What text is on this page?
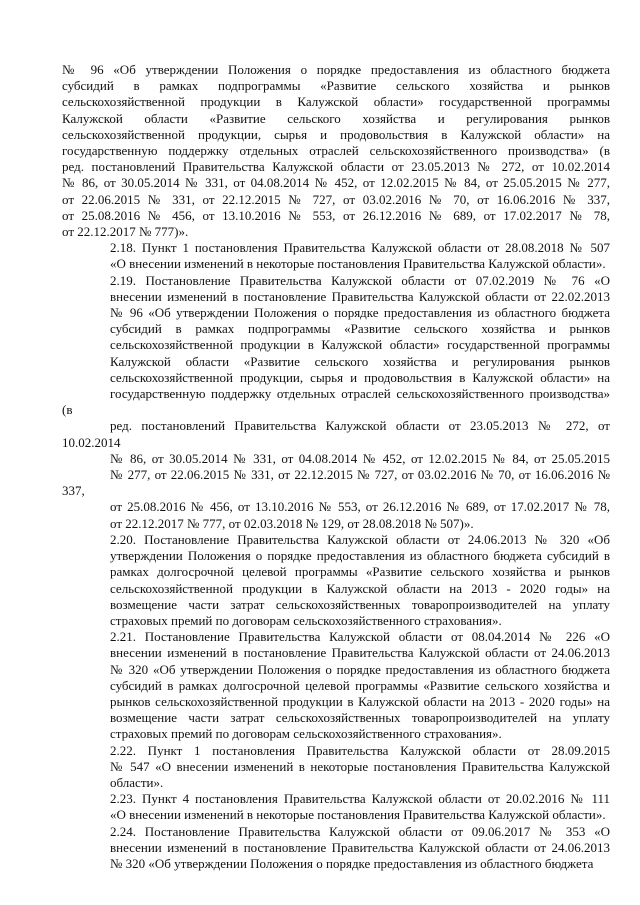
№ 96 «Об утверждении Положения о порядке предоставления из областного бюджета
субсидий в рамках подпрограммы «Развитие сельского хозяйства и рынков
сельскохозяйственной продукции в Калужской области» государственной программы
Калужской области «Развитие сельского хозяйства и регулирования рынков
сельскохозяйственной продукции, сырья и продовольствия в Калужской области» на
государственную поддержку отдельных отраслей сельскохозяйственного производства» (в
ред. постановлений Правительства Калужской области от 23.05.2013 № 272, от 10.02.2014
№ 86, от 30.05.2014 № 331, от 04.08.2014 № 452, от 12.02.2015 № 84, от 25.05.2015 № 277,
от 22.06.2015 № 331, от 22.12.2015 № 727, от 03.02.2016 № 70, от 16.06.2016 № 337,
от 25.08.2016 № 456, от 13.10.2016 № 553, от 26.12.2016 № 689, от 17.02.2017 № 78,
от 22.12.2017 № 777)».
2.18. Пункт 1 постановления Правительства Калужской области от 28.08.2018 № 507
«О внесении изменений в некоторые постановления Правительства Калужской области».
2.19. Постановление Правительства Калужской области от 07.02.2019 № 76 «О
внесении изменений в постановление Правительства Калужской области от 22.02.2013
№ 96 «Об утверждении Положения о порядке предоставления из областного бюджета
субсидий в рамках подпрограммы «Развитие сельского хозяйства и рынков
сельскохозяйственной продукции в Калужской области» государственной программы
Калужской области «Развитие сельского хозяйства и регулирования рынков
сельскохозяйственной продукции, сырья и продовольствия в Калужской области» на
государственную поддержку отдельных отраслей сельскохозяйственного производства» (в
ред. постановлений Правительства Калужской области от 23.05.2013 № 272, от 10.02.2014
№ 86, от 30.05.2014 № 331, от 04.08.2014 № 452, от 12.02.2015 № 84, от 25.05.2015
№ 277, от 22.06.2015 № 331, от 22.12.2015 № 727, от 03.02.2016 № 70, от 16.06.2016 № 337,
от 25.08.2016 № 456, от 13.10.2016 № 553, от 26.12.2016 № 689, от 17.02.2017 № 78,
от 22.12.2017 № 777, от 02.03.2018 № 129, от 28.08.2018 № 507)».
2.20. Постановление Правительства Калужской области от 24.06.2013 № 320 «Об
утверждении Положения о порядке предоставления из областного бюджета субсидий в
рамках долгосрочной целевой программы «Развитие сельского хозяйства и рынков
сельскохозяйственной продукции в Калужской области на 2013 - 2020 годы» на
возмещение части затрат сельскохозяйственных товаропроизводителей на уплату
страховых премий по договорам сельскохозяйственного страхования».
2.21. Постановление Правительства Калужской области от 08.04.2014 № 226 «О
внесении изменений в постановление Правительства Калужской области от 24.06.2013
№ 320 «Об утверждении Положения о порядке предоставления из областного бюджета
субсидий в рамках долгосрочной целевой программы «Развитие сельского хозяйства и
рынков сельскохозяйственной продукции в Калужской области на 2013 - 2020 годы» на
возмещение части затрат сельскохозяйственных товаропроизводителей на уплату
страховых премий по договорам сельскохозяйственного страхования».
2.22. Пункт 1 постановления Правительства Калужской области от 28.09.2015
№ 547 «О внесении изменений в некоторые постановления Правительства Калужской
области».
2.23. Пункт 4 постановления Правительства Калужской области от 20.02.2016 № 111
«О внесении изменений в некоторые постановления Правительства Калужской области».
2.24. Постановление Правительства Калужской области от 09.06.2017 № 353 «О
внесении изменений в постановление Правительства Калужской области от 24.06.2013
№ 320 «Об утверждении Положения о порядке предоставления из областного бюджета
